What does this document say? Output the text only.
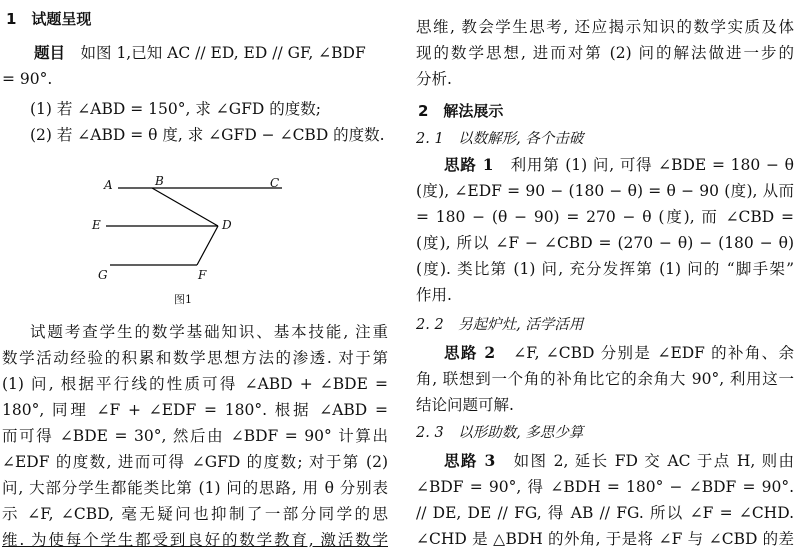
1　试题呈现
题目　如图 1,已知 AC // ED, ED // GF, ∠BDF
= 90°.
(1) 若 ∠ABD = 150°, 求 ∠GFD 的度数;
(2) 若 ∠ABD = θ 度, 求 ∠GFD − ∠CBD 的度数.
A	B	C
E	D
G	F
图1
试题考查学生的数学基础知识、基本技能, 注重
数学活动经验的积累和数学思想方法的渗透. 对于第
(1) 问, 根据平行线的性质可得 ∠ABD + ∠BDE =
180°, 同理 ∠F + ∠EDF = 180°. 根据 ∠ABD =
而可得 ∠BDE = 30°, 然后由 ∠BDF = 90° 计算出
∠EDF 的度数, 进而可得 ∠GFD 的度数; 对于第 (2)
问, 大部分学生都能类比第 (1) 问的思路, 用 θ 分别表
示 ∠F, ∠CBD, 毫无疑问也抑制了一部分同学的思
维. 为使每个学生都受到良好的数学教育, 激活数学
思维, 教会学生思考, 还应揭示知识的数学实质及体
现的数学思想, 进而对第 (2) 问的解法做进一步的
分析.
2　解法展示
2. 1　以数解形, 各个击破
思路 1　利用第 (1) 问, 可得 ∠BDE = 180 − θ
(度), ∠EDF = 90 − (180 − θ) = θ − 90 (度), 从而
= 180 − (θ − 90) = 270 − θ (度), 而 ∠CBD =
(度), 所以 ∠F − ∠CBD = (270 − θ) − (180 − θ)
(度). 类比第 (1) 问, 充分发挥第 (1) 问的 “脚手架”
作用.
2. 2　另起炉灶, 活学活用
思路 2　∠F, ∠CBD 分别是 ∠EDF 的补角、余
角, 联想到一个角的补角比它的余角大 90°, 利用这一
结论问题可解.
2. 3　以形助数, 多思少算
思路 3　如图 2, 延长 FD 交 AC 于点 H, 则由
∠BDF = 90°, 得 ∠BDH = 180° − ∠BDF = 90°.
// DE, DE // FG, 得 AB // FG. 所以 ∠F = ∠CHD.
∠CHD 是 △BDH 的外角, 于是将 ∠F 与 ∠CBD 的差
